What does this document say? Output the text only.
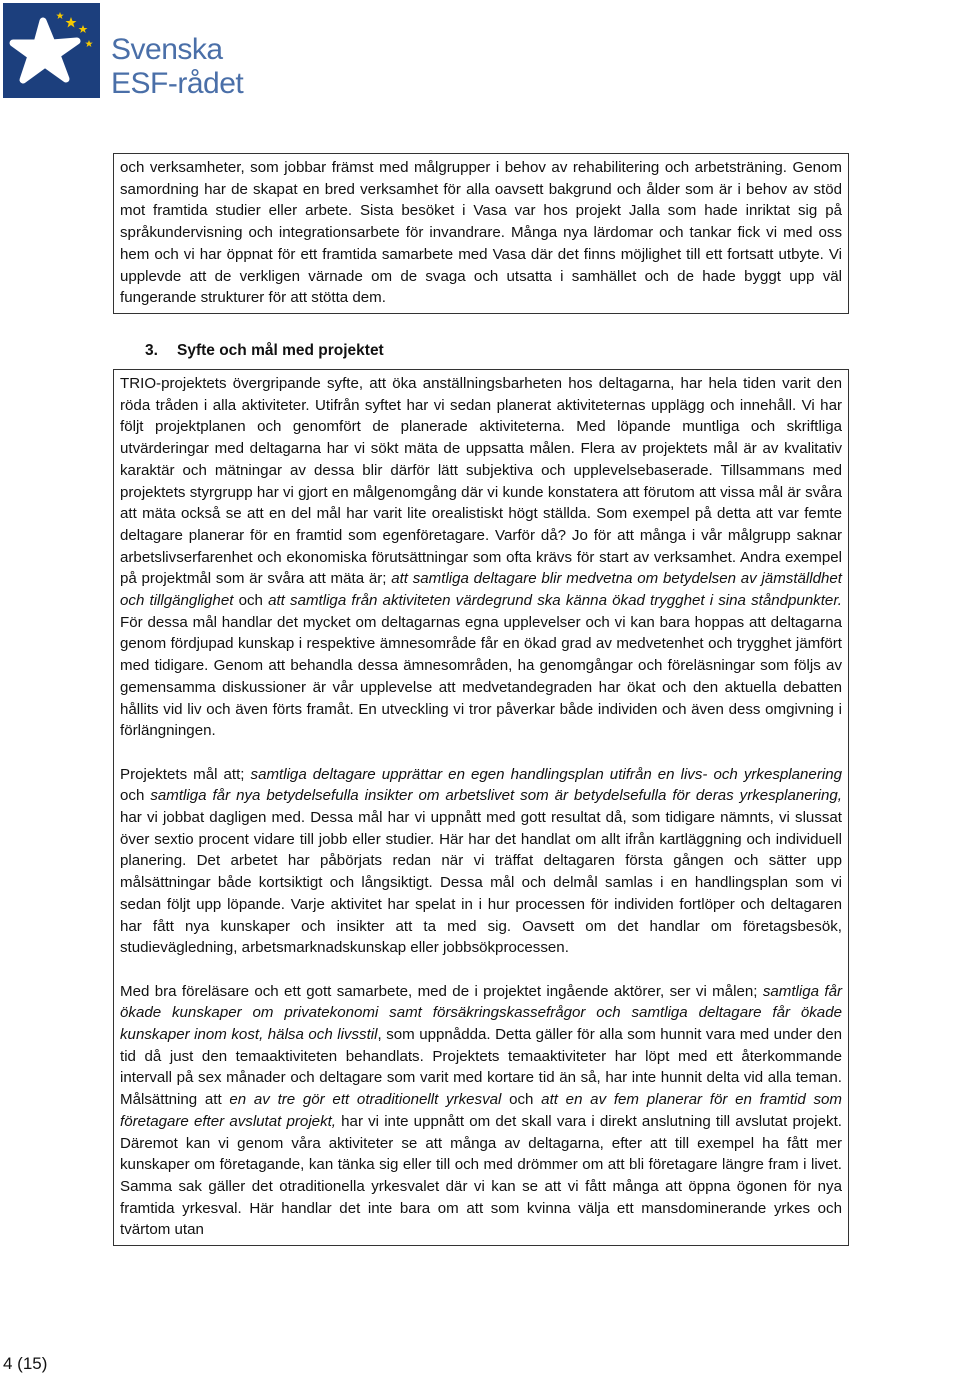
Svenska
ESF-rådet

och verksamheter, som jobbar främst med målgrupper i behov av rehabilitering och arbetsträning. Genom samordning har de skapat en bred verksamhet för alla oavsett bakgrund och ålder som är i behov av stöd mot framtida studier eller arbete. Sista besöket i Vasa var hos projekt Jalla som hade inriktat sig på språkundervisning och integrationsarbete för invandrare. Många nya lärdomar och tankar fick vi med oss hem och vi har öppnat för ett framtida samarbete med Vasa där det finns möjlighet till ett fortsatt utbyte. Vi upplevde att de verkligen värnade om de svaga och utsatta i samhället och de hade byggt upp väl fungerande strukturer för att stötta dem.

3. Syfte och mål med projektet

TRIO-projektets övergripande syfte, att öka anställningsbarheten hos deltagarna, har hela tiden varit den röda tråden i alla aktiviteter. Utifrån syftet har vi sedan planerat aktiviteternas upplägg och innehåll. Vi har följt projektplanen och genomfört de planerade aktiviteterna. Med löpande muntliga och skriftliga utvärderingar med deltagarna har vi sökt mäta de uppsatta målen. Flera av projektets mål är av kvalitativ karaktär och mätningar av dessa blir därför lätt subjektiva och upplevelsebaserade. Tillsammans med projektets styrgrupp har vi gjort en målgenomgång där vi kunde konstatera att förutom att vissa mål är svåra att mäta också se att en del mål har varit lite orealistiskt högt ställda. Som exempel på detta att var femte deltagare planerar för en framtid som egenföretagare. Varför då? Jo för att många i vår målgrupp saknar arbetslivserfarenhet och ekonomiska förutsättningar som ofta krävs för start av verksamhet. Andra exempel på projektmål som är svåra att mäta är; att samtliga deltagare blir medvetna om betydelsen av jämställdhet och tillgänglighet och att samtliga från aktiviteten värdegrund ska känna ökad trygghet i sina ståndpunkter. För dessa mål handlar det mycket om deltagarnas egna upplevelser och vi kan bara hoppas att deltagarna genom fördjupad kunskap i respektive ämnesområde får en ökad grad av medvetenhet och trygghet jämfört med tidigare. Genom att behandla dessa ämnesområden, ha genomgångar och föreläsningar som följs av gemensamma diskussioner är vår upplevelse att medvetandegraden har ökat och den aktuella debatten hållits vid liv och även förts framåt. En utveckling vi tror påverkar både individen och även dess omgivning i förlängningen.

Projektets mål att; samtliga deltagare upprättar en egen handlingsplan utifrån en livs- och yrkesplanering och samtliga får nya betydelsefulla insikter om arbetslivet som är betydelsefulla för deras yrkesplanering, har vi jobbat dagligen med. Dessa mål har vi uppnått med gott resultat då, som tidigare nämnts, vi slussat över sextio procent vidare till jobb eller studier. Här har det handlat om allt ifrån kartläggning och individuell planering. Det arbetet har påbörjats redan när vi träffat deltagaren första gången och sätter upp målsättningar både kortsiktigt och långsiktigt. Dessa mål och delmål samlas i en handlingsplan som vi sedan följt upp löpande. Varje aktivitet har spelat in i hur processen för individen fortlöper och deltagaren har fått nya kunskaper och insikter att ta med sig. Oavsett om det handlar om företagsbesök, studievägledning, arbetsmarknadskunskap eller jobbsökprocessen.

Med bra föreläsare och ett gott samarbete, med de i projektet ingående aktörer, ser vi målen; samtliga får ökade kunskaper om privatekonomi samt försäkringskassefrågor och samtliga deltagare får ökade kunskaper inom kost, hälsa och livsstil, som uppnådda. Detta gäller för alla som hunnit vara med under den tid då just den temaaktiviteten behandlats. Projektets temaaktiviteter har löpt med ett återkommande intervall på sex månader och deltagare som varit med kortare tid än så, har inte hunnit delta vid alla teman. Målsättning att en av tre gör ett otraditionellt yrkesval och att en av fem planerar för en framtid som företagare efter avslutat projekt, har vi inte uppnått om det skall vara i direkt anslutning till avslutat projekt. Däremot kan vi genom våra aktiviteter se att många av deltagarna, efter att till exempel ha fått mer kunskaper om företagande, kan tänka sig eller till och med drömmer om att bli företagare längre fram i livet. Samma sak gäller det otraditionella yrkesvalet där vi kan se att vi fått många att öppna ögonen för nya framtida yrkesval. Här handlar det inte bara om att som kvinna välja ett mansdominerande yrkes och tvärtom utan

4 (15)
